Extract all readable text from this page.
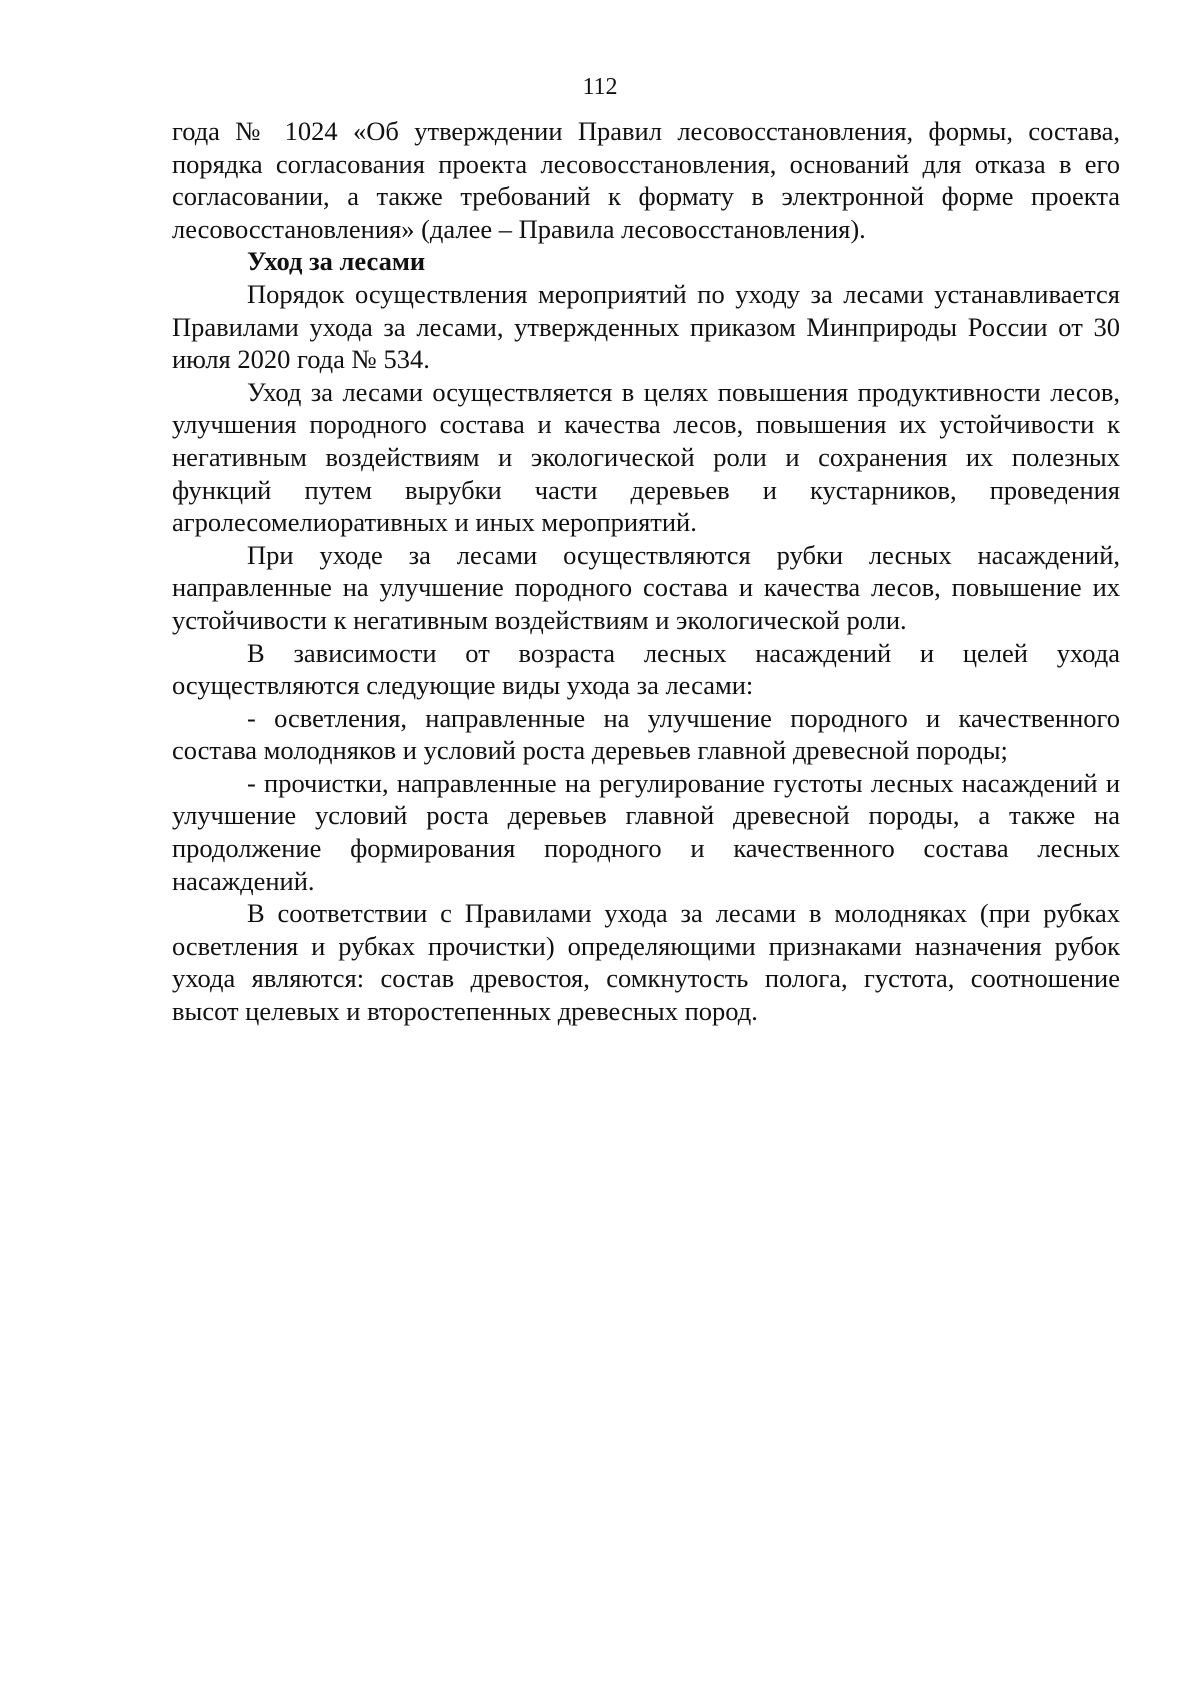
112

года № 1024 «Об утверждении Правил лесовосстановления, формы, состава, порядка согласования проекта лесовосстановления, оснований для отказа в его согласовании, а также требований к формату в электронной форме проекта лесовосстановления» (далее – Правила лесовосстановления).

Уход за лесами

Порядок осуществления мероприятий по уходу за лесами устанавливается Правилами ухода за лесами, утвержденных приказом Минприроды России от 30 июля 2020 года № 534.

Уход за лесами осуществляется в целях повышения продуктивности лесов, улучшения породного состава и качества лесов, повышения их устойчивости к негативным воздействиям и экологической роли и сохранения их полезных функций путем вырубки части деревьев и кустарников, проведения агролесомелиоративных и иных мероприятий.

При уходе за лесами осуществляются рубки лесных насаждений, направленные на улучшение породного состава и качества лесов, повышение их устойчивости к негативным воздействиям и экологической роли.

В зависимости от возраста лесных насаждений и целей ухода осуществляются следующие виды ухода за лесами:

- осветления, направленные на улучшение породного и качественного состава молодняков и условий роста деревьев главной древесной породы;

- прочистки, направленные на регулирование густоты лесных насаждений и улучшение условий роста деревьев главной древесной породы, а также на продолжение формирования породного и качественного состава лесных насаждений.

В соответствии с Правилами ухода за лесами в молодняках (при рубках осветления и рубках прочистки) определяющими признаками назначения рубок ухода являются: состав древостоя, сомкнутость полога, густота, соотношение высот целевых и второстепенных древесных пород.
